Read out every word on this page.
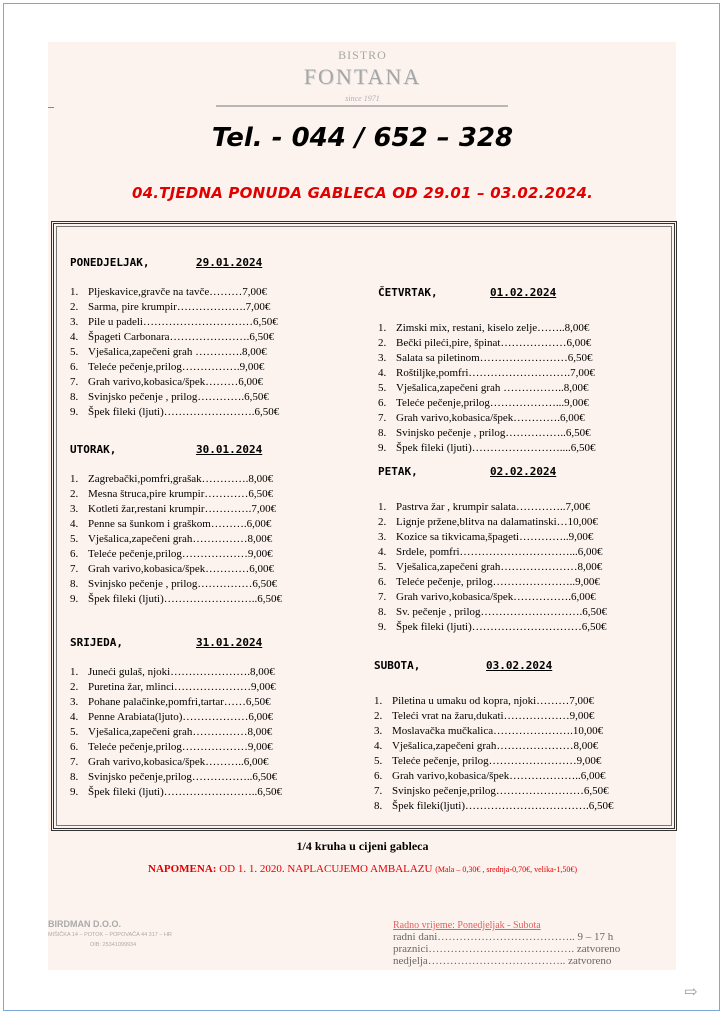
BISTRO
FONTANA
since 1971
Tel. - 044 / 652 – 328
04.TJEDNA PONUDA GABLECA OD 29.01 – 03.02.2024.
PONEDJELJAK,	29.01.2024
1. Pljeskavice,gravče na tavče………7,00€
2. Sarma, pire krumpir……………….7,00€
3. Pile u padeli…………………………6,50€
4. Špageti Carbonara………………….6,50€
5. Vješalica,zapečeni grah ………….8,00€
6. Teleće pečenje,prilog…………….9,00€
7. Grah varivo,kobasica/špek………6,00€
8. Svinjsko pečenje , prilog………….6,50€
9. Špek fileki (ljuti)…………………….6,50€
UTORAK,	30.01.2024
1. Zagrebački,pomfri,grašak………….8,00€
2. Mesna štruca,pire krumpir…………6,50€
3. Kotleti žar,restani krumpir………….7,00€
4. Penne sa šunkom i graškom……….6,00€
5. Vješalica,zapečeni grah……………8,00€
6. Teleće pečenje,prilog………………9,00€
7. Grah varivo,kobasica/špek…………6,00€
8. Svinjsko pečenje , prilog……………6,50€
9. Špek fileki (ljuti)……………………..6,50€
SRIJEDA,	31.01.2024
1. Juneći gulaš, njoki………………….8,00€
2. Puretina žar, mlinci…………………9,00€
3. Pohane palačinke,pomfri,tartar……6,50€
4. Penne Arabiata(ljuto)………………6,00€
5. Vješalica,zapečeni grah……………8,00€
6. Teleće pečenje,prilog………………9,00€
7. Grah varivo,kobasica/špek………..6,00€
8. Svinjsko pečenje,prilog……………..6,50€
9. Špek fileki (ljuti)……………………..6,50€
ČETVRTAK,	01.02.2024
1. Zimski mix, restani, kiselo zelje……..8,00€
2. Bečki pileći,pire, špinat………………6,00€
3. Salata sa piletinom……………………6,50€
4. Roštiljke,pomfri……………………….7,00€
5. Vješalica,zapečeni grah ……………..8,00€
6. Teleće pečenje,prilog………………...9,00€
7. Grah varivo,kobasica/špek………….6,00€
8. Svinjsko pečenje , prilog……………..6,50€
9. Špek fileki (ljuti)……………………....6,50€
PETAK,	02.02.2024
1. Pastrva žar , krumpir salata…………..7,00€
2. Lignje pržene,blitva na dalamatinski…10,00€
3. Kozice sa tikvicama,špageti…………..9,00€
4. Srdele, pomfri…………………………...6,00€
5. Vješalica,zapečeni grah…………………8,00€
6. Teleće pečenje, prilog…………………..9,00€
7. Grah varivo,kobasica/špek…………….6,00€
8. Sv. pečenje , prilog……………………….6,50€
9. Špek fileki (ljuti)…………………………6,50€
SUBOTA,	03.02.2024
1. Piletina u umaku od kopra, njoki………7,00€
2. Teleći vrat na žaru,dukati………………9,00€
3. Moslavačka mučkalica………………….10,00€
4. Vješalica,zapečeni grah…………………8,00€
5. Teleće pečenje, prilog……………………9,00€
6. Grah varivo,kobasica/špek………………..6,00€
7. Svinjsko pečenje,prilog……………………6,50€
8. Špek fileki(ljuti)…………………………….6,50€
1/4 kruha u cijeni gableca
NAPOMENA: OD 1. 1. 2020. NAPLACUJEMO AMBALAZU (Mala – 0,30€ , srednja-0,70€, velika-1,50€)
BIRDMAN D.O.O.
MIŠIČKA 14 – POTOK – POPOVAČA 44 317 – HR
OIB: 25341099934
Radno vrijeme: Ponedjeljak - Subota
radni dani……………………………….. 9 – 17 h
praznici…………………………………. zatvoreno
nedjelja……………………………….. zatvoreno
⇨
